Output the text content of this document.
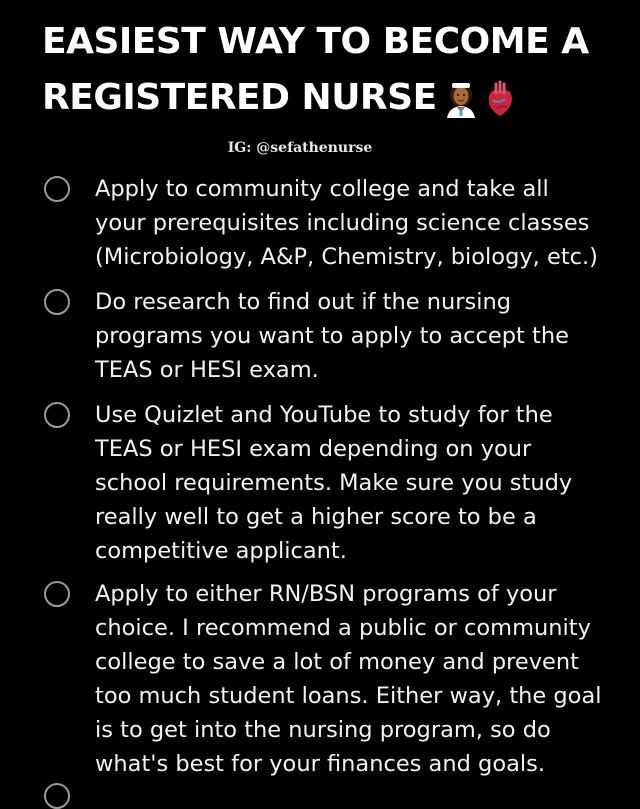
EASIEST WAY TO BECOME A
REGISTERED NURSE
IG: @sefathenurse
Apply to community college and take all
your prerequisites including science classes
(Microbiology, A&P, Chemistry, biology, etc.)
Do research to find out if the nursing
programs you want to apply to accept the
TEAS or HESI exam.
Use Quizlet and YouTube to study for the
TEAS or HESI exam depending on your
school requirements. Make sure you study
really well to get a higher score to be a
competitive applicant.
Apply to either RN/BSN programs of your
choice. I recommend a public or community
college to save a lot of money and prevent
too much student loans. Either way, the goal
is to get into the nursing program, so do
what's best for your finances and goals.
